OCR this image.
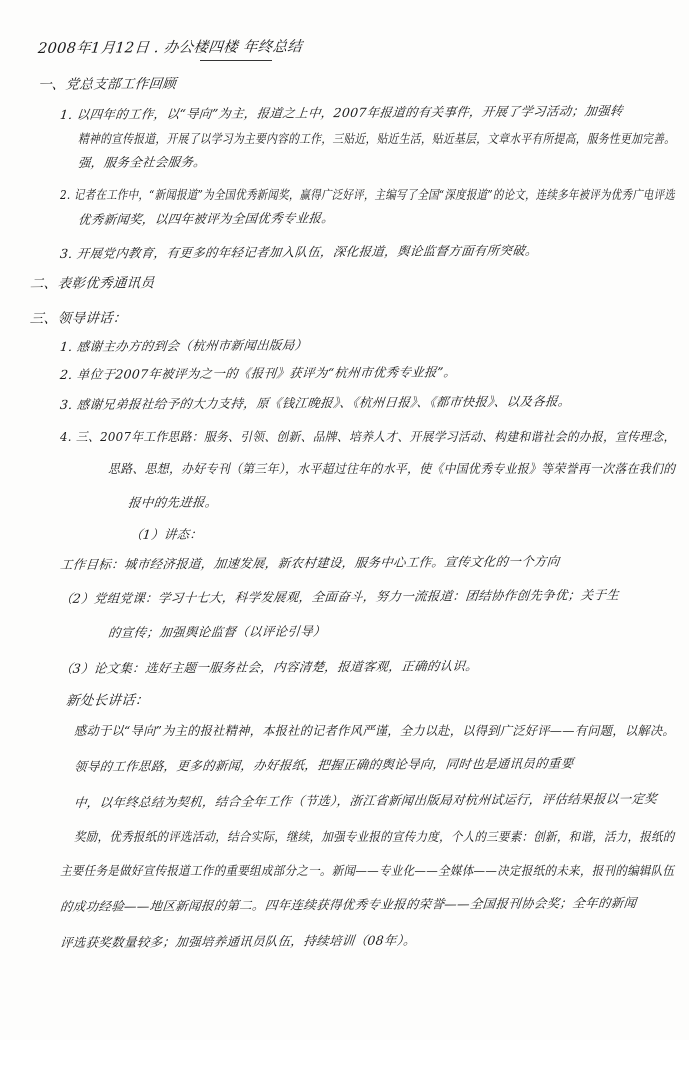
2008年1月12日 . 办公楼四楼 年终总结
一、党总支部工作回顾
1. 以四年的工作，以“导向”为主，报道之上中，2007年报道的有关事件，开展了学习活动；加强转
精神的宣传报道，开展了以学习为主要内容的工作，三贴近，贴近生活，贴近基层，文章水平有所提高，服务性更加完善。
强，服务全社会服务。
2. 记者在工作中，“新闻报道”为全国优秀新闻奖，赢得广泛好评，主编写了全国“深度报道”的论文，连续多年被评为优秀广电评选
优秀新闻奖，以四年被评为全国优秀专业报。
3. 开展党内教育，有更多的年轻记者加入队伍，深化报道，舆论监督方面有所突破。
二、表彰优秀通讯员
三、领导讲话：
1. 感谢主办方的到会（杭州市新闻出版局）
2. 单位于2007年被评为之一的《报刊》获评为“杭州市优秀专业报”。
3. 感谢兄弟报社给予的大力支持，原《钱江晚报》、《杭州日报》、《都市快报》、以及各报。
4. 三、2007年工作思路：服务、引领、创新、品牌、培养人才、开展学习活动、构建和谐社会的办报，宣传理念，
思路、思想，办好专刊（第三年），水平超过往年的水平，使《中国优秀专业报》等荣誉再一次落在我们的
报中的先进报。
（1）讲态：
工作目标：城市经济报道，加速发展，新农村建设，服务中心工作。宣传文化的一个方向
（2）党组党课：学习十七大，科学发展观，全面奋斗，努力一流报道：团结协作创先争优；关于生
的宣传；加强舆论监督（以评论引导）
（3）论文集：选好主题一服务社会，内容清楚，报道客观，正确的认识。
新处长讲话：
感动于以“导向”为主的报社精神，本报社的记者作风严谨，全力以赴，以得到广泛好评——有问题，以解决。
领导的工作思路，更多的新闻，办好报纸，把握正确的舆论导向，同时也是通讯员的重要
中，以年终总结为契机，结合全年工作（节选），浙江省新闻出版局对杭州试运行，评估结果报以一定奖
奖励，优秀报纸的评选活动，结合实际，继续，加强专业报的宣传力度，个人的三要素：创新，和谐，活力，报纸的
主要任务是做好宣传报道工作的重要组成部分之一。新闻——专业化——全媒体——决定报纸的未来，报刊的编辑队伍
的成功经验——地区新闻报的第二。四年连续获得优秀专业报的荣誉——全国报刊协会奖；全年的新闻
评选获奖数量较多；加强培养通讯员队伍，持续培训（08年）。
